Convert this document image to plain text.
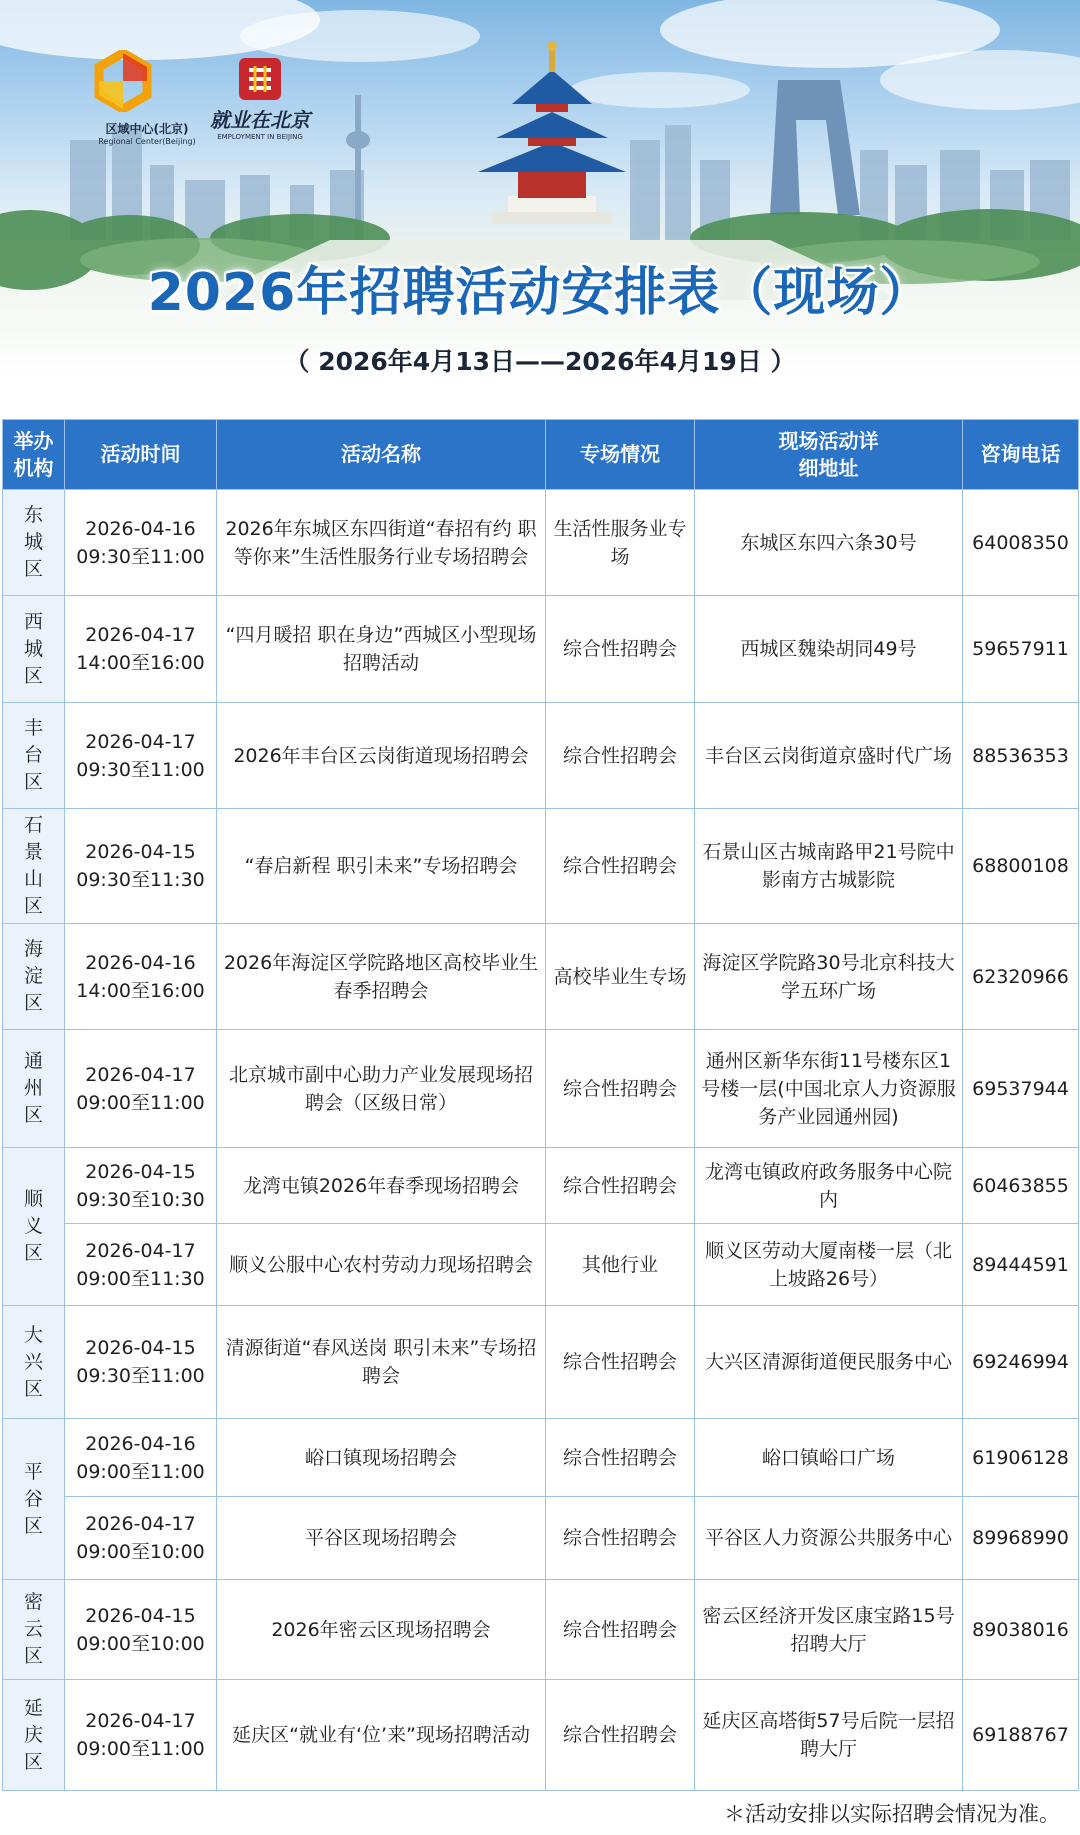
区域中心(北京)
Regional Center(Beijing)
就业在北京
EMPLOYMENT IN BEIJING
2026年招聘活动安排表（现场）
（ 2026年4月13日——2026年4月19日 ）
举办机构	活动时间	活动名称	专场情况	现场活动详细地址	咨询电话
东城区	2026-04-16
09:30至11:00	2026年东城区东四街道“春招有约 职等你来”生活性服务行业专场招聘会	生活性服务业专场	东城区东四六条30号	64008350
西城区	2026-04-17
14:00至16:00	“四月暖招 职在身边”西城区小型现场招聘活动	综合性招聘会	西城区魏染胡同49号	59657911
丰台区	2026-04-17
09:30至11:00	2026年丰台区云岗街道现场招聘会	综合性招聘会	丰台区云岗街道京盛时代广场	88536353
石景山区	2026-04-15
09:30至11:30	“春启新程 职引未来”专场招聘会	综合性招聘会	石景山区古城南路甲21号院中影南方古城影院	68800108
海淀区	2026-04-16
14:00至16:00	2026年海淀区学院路地区高校毕业生春季招聘会	高校毕业生专场	海淀区学院路30号北京科技大学五环广场	62320966
通州区	2026-04-17
09:00至11:00	北京城市副中心助力产业发展现场招聘会（区级日常）	综合性招聘会	通州区新华东街11号楼东区1号楼一层(中国北京人力资源服务产业园通州园)	69537944
顺义区	2026-04-15
09:30至10:30	龙湾屯镇2026年春季现场招聘会	综合性招聘会	龙湾屯镇政府政务服务中心院内	60463855

	2026-04-17
09:00至11:30	顺义公服中心农村劳动力现场招聘会	其他行业	顺义区劳动大厦南楼一层（北上坡路26号）	89444591
大兴区	2026-04-15
09:30至11:00	清源街道“春风送岗 职引未来”专场招聘会	综合性招聘会	大兴区清源街道便民服务中心	69246994
平谷区	2026-04-16
09:00至11:00	峪口镇现场招聘会	综合性招聘会	峪口镇峪口广场	61906128

	2026-04-17
09:00至10:00	平谷区现场招聘会	综合性招聘会	平谷区人力资源公共服务中心	89968990
密云区	2026-04-15
09:00至10:00	2026年密云区现场招聘会	综合性招聘会	密云区经济开发区康宝路15号招聘大厅	89038016
延庆区	2026-04-17
09:00至11:00	延庆区“就业有‘位’来”现场招聘活动	综合性招聘会	延庆区高塔街57号后院一层招聘大厅	69188767
＊活动安排以实际招聘会情况为准。
